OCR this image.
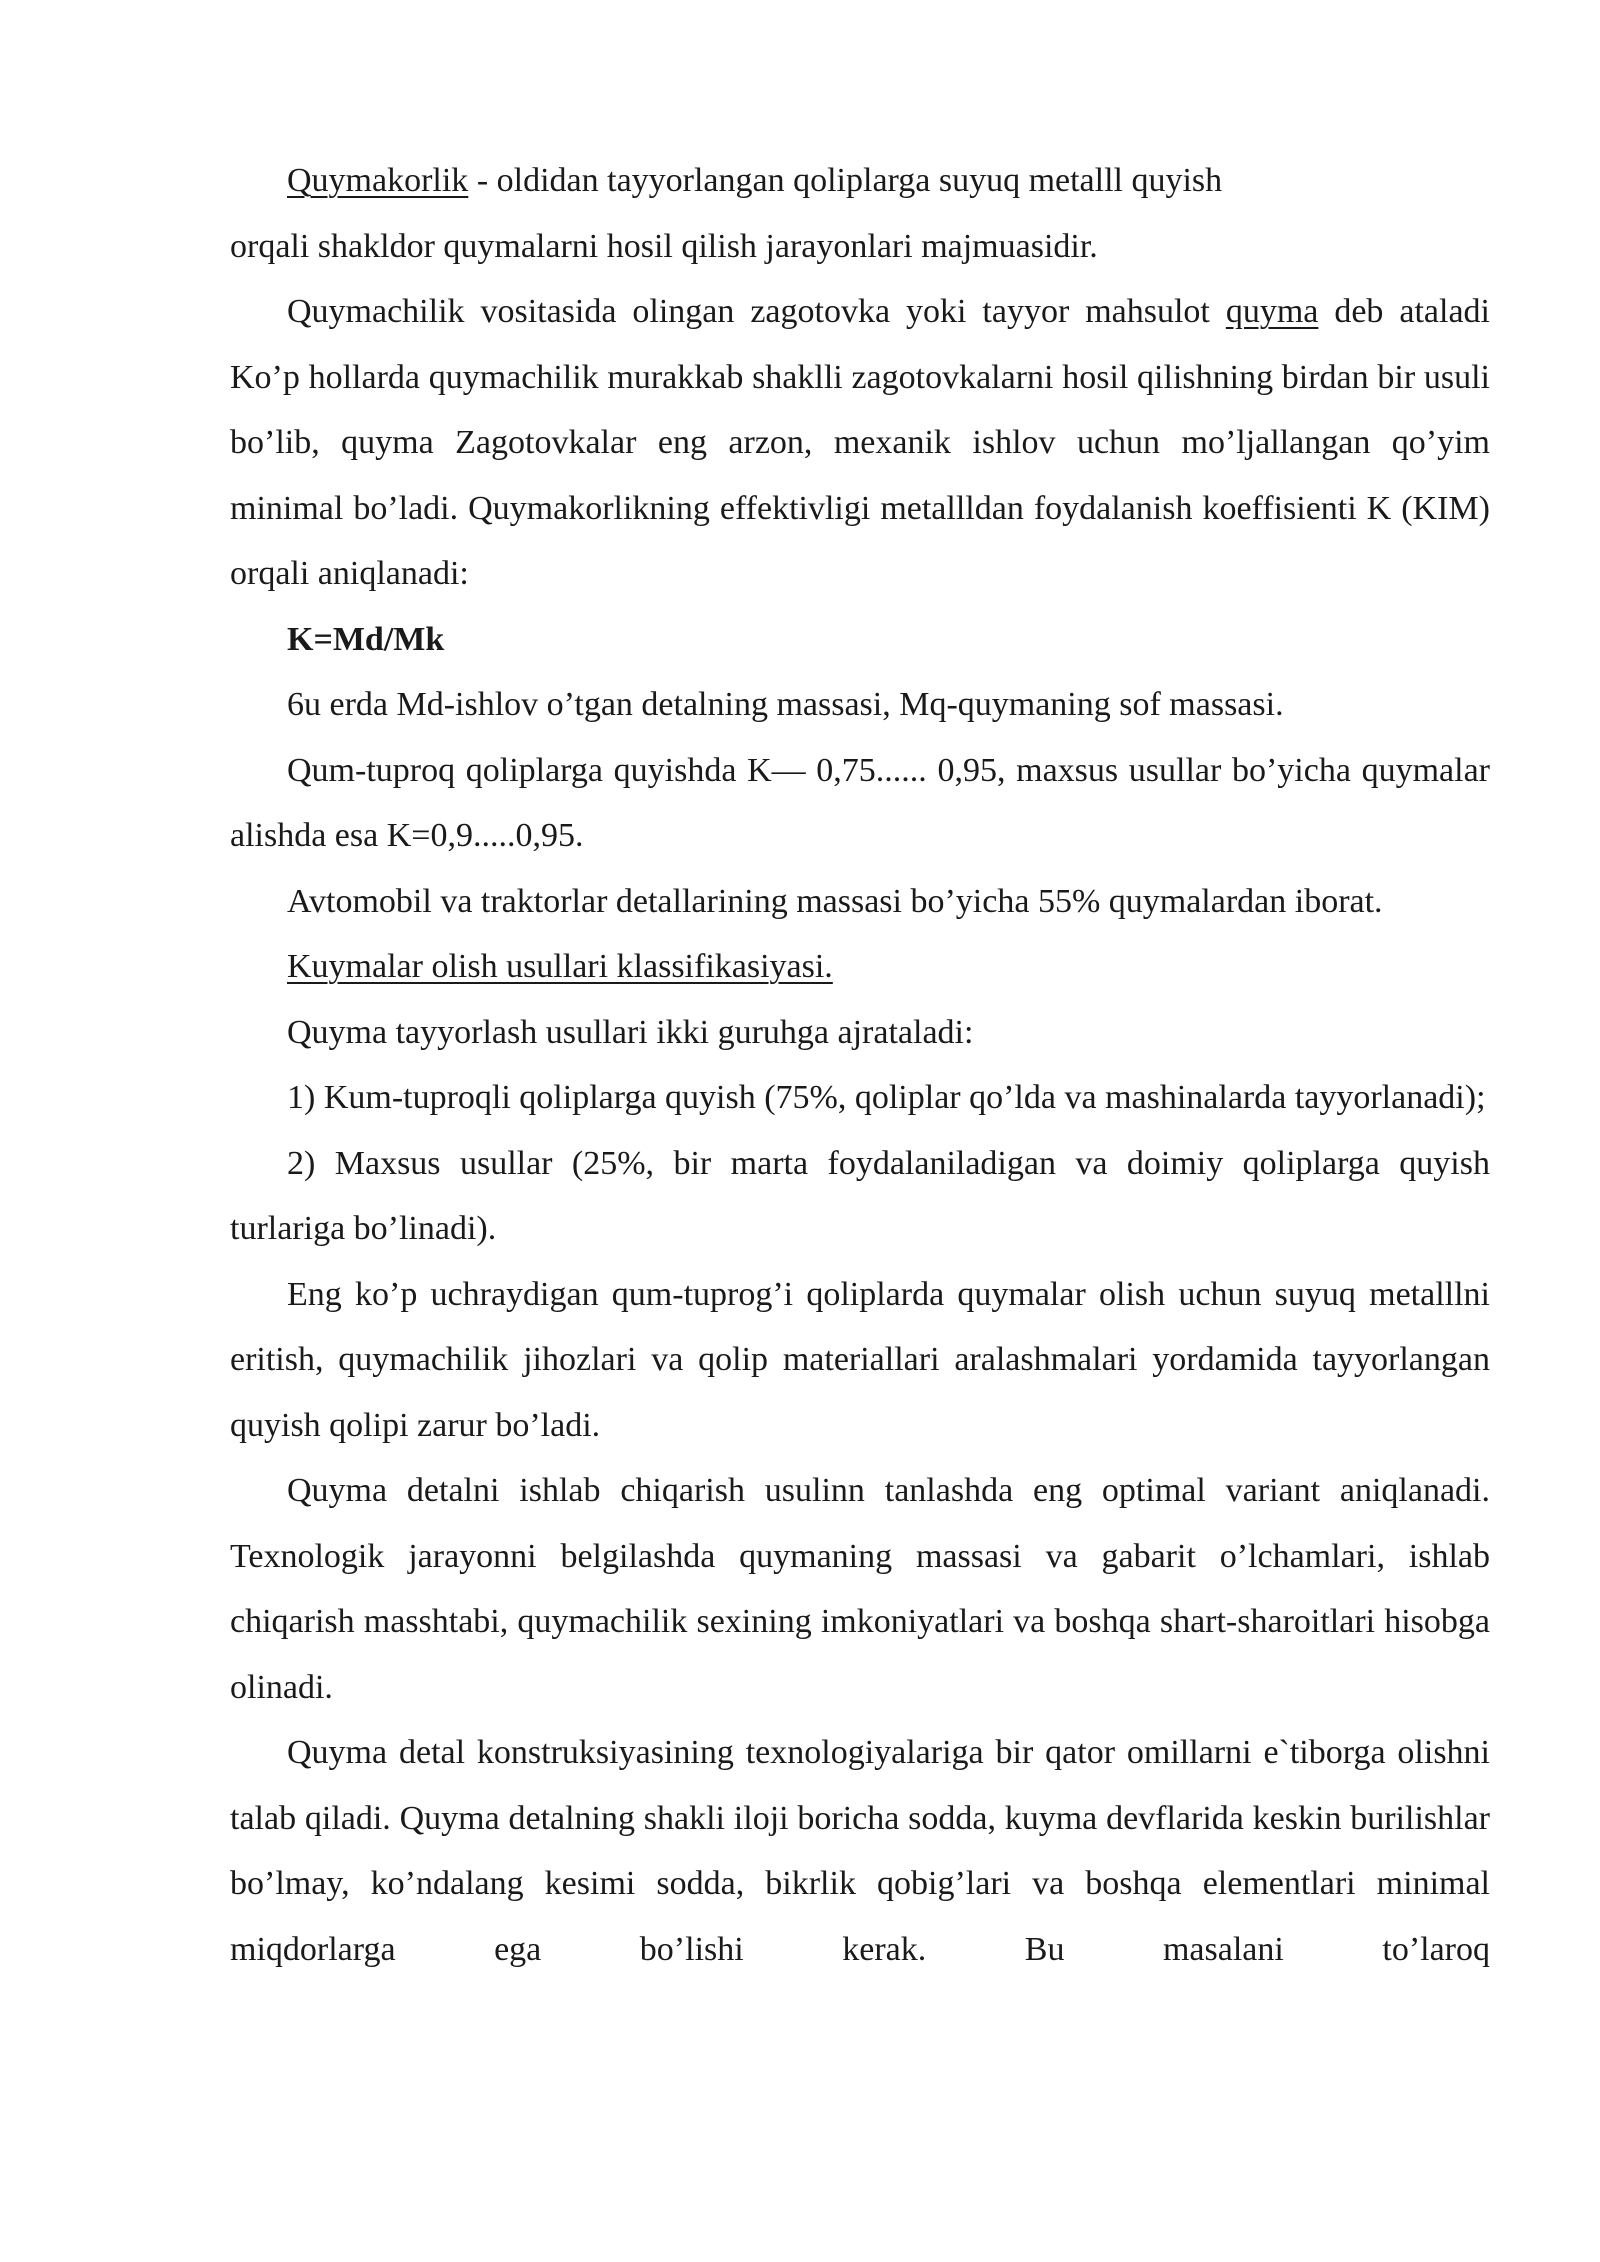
Quymakorlik - oldidan tayyorlangan qoliplarga suyuq metalll quyish
orqali shakldor quymalarni hosil qilish jarayonlari majmuasidir.

Quymachilik vositasida olingan zagotovka yoki tayyor mahsulot quyma deb ataladi Ko’p hollarda quymachilik murakkab shaklli zagotovkalarni hosil qilishning birdan bir usuli bo’lib, quyma Zagotovkalar eng arzon, mexanik ishlov uchun mo’ljallangan qo’yim minimal bo’ladi. Quymakorlikning effektivligi metallldan foydalanish koeffisienti K (KIM) orqali aniqlanadi:

K=Md/Mk

6u erda Md-ishlov o’tgan detalning massasi, Mq-quymaning sof massasi.

Qum-tuproq qoliplarga quyishda K— 0,75...... 0,95, maxsus usullar bo’yicha quymalar alishda esa K=0,9.....0,95.

Avtomobil va traktorlar detallarining massasi bo’yicha 55% quymalardan iborat.

Kuymalar olish usullari klassifikasiyasi.

Quyma tayyorlash usullari ikki guruhga ajrataladi:

1) Kum-tuproqli qoliplarga quyish (75%, qoliplar qo’lda va mashinalarda tayyorlanadi);

2) Maxsus usullar (25%, bir marta foydalaniladigan va doimiy qoliplarga quyish turlariga bo’linadi).

Eng ko’p uchraydigan qum-tuprog’i qoliplarda quymalar olish uchun suyuq metalllni eritish, quymachilik jihozlari va qolip materiallari aralashmalari yordamida tayyorlangan quyish qolipi zarur bo’ladi.

Quyma detalni ishlab chiqarish usulinn tanlashda eng optimal variant aniqlanadi. Texnologik jarayonni belgilashda quymaning massasi va gabarit o’lchamlari, ishlab chiqarish masshtabi, quymachilik sexining imkoniyatlari va boshqa shart-sharoitlari hisobga olinadi.

Quyma detal konstruksiyasining texnologiyalariga bir qator omillarni e`tiborga olishni talab qiladi. Quyma detalning shakli iloji boricha sodda, kuyma devflarida keskin burilishlar bo’lmay, ko’ndalang kesimi sodda, bikrlik qobig’lari va boshqa elementlari minimal miqdorlarga ega bo’lishi kerak. Bu masalani to’laroq
